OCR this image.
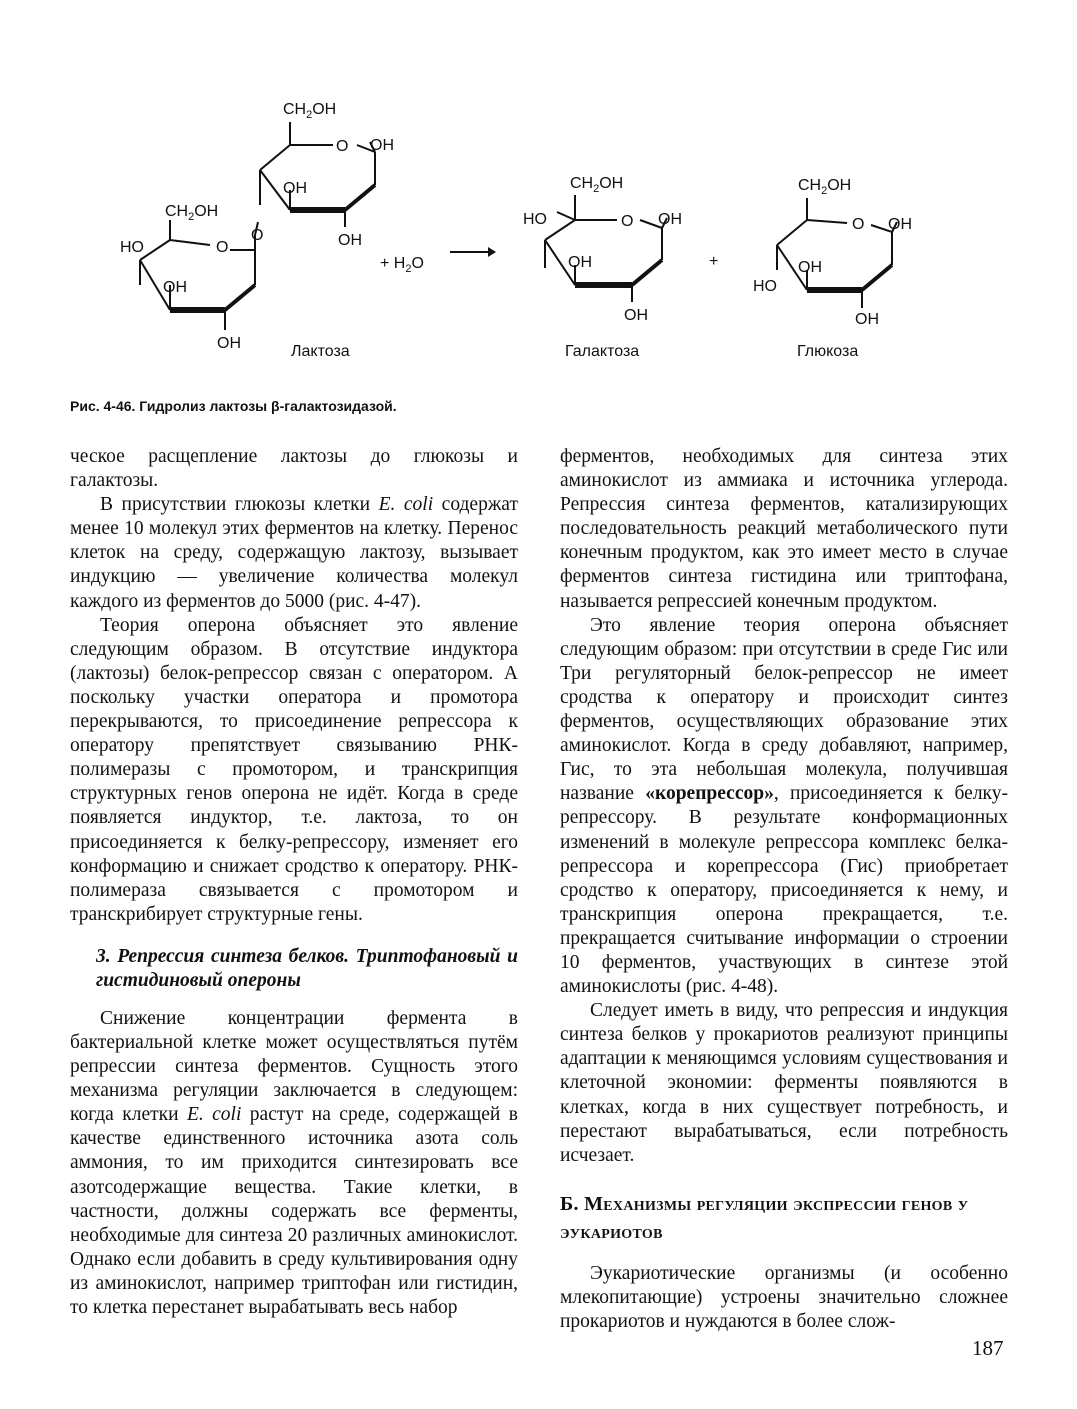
$CH_2OH$
O OH
OH
OH
O
$CH_2OH$
HO	O
OH
OH	Лактоза
+ $H_2O$
$CH_2OH$
HO	O OH
OH
OH
Галактоза
+
$CH_2OH$
O OH
OH
HO
OH
Глюкоза
Рис. 4-46. Гидролиз лактозы β-галактозидазой.

ческое расщепление лактозы до глюкозы и галактозы.

В присутствии глюкозы клетки E. coli содержат менее 10 молекул этих ферментов на клетку. Перенос клеток на среду, содержащую лактозу, вызывает индукцию — увеличение количества молекул каждого из ферментов до 5000 (рис. 4-47).

Теория оперона объясняет это явление следующим образом. В отсутствие индуктора (лактозы) белок-репрессор связан с оператором. А поскольку участки оператора и промотора перекрываются, то присоединение репрессора к оператору препятствует связыванию РНК-полимеразы с промотором, и транскрипция структурных генов оперона не идёт. Когда в среде появляется индуктор, т.е. лактоза, то он присоединяется к белку-репрессору, изменяет его конформацию и снижает сродство к оператору. РНК-полимераза связывается с промотором и транскрибирует структурные гены.

3. Репрессия синтеза белков. Триптофановый и гистидиновый опероны

Снижение концентрации фермента в бактериальной клетке может осуществляться путём репрессии синтеза ферментов. Сущность этого механизма регуляции заключается в следующем: когда клетки E. coli растут на среде, содержащей в качестве единственного источника азота соль аммония, то им приходится синтезировать все азотсодержащие вещества. Такие клетки, в частности, должны содержать все ферменты, необходимые для синтеза 20 различных аминокислот. Однако если добавить в среду культивирования одну из аминокислот, например триптофан или гистидин, то клетка перестанет вырабатывать весь набор

ферментов, необходимых для синтеза этих аминокислот из аммиака и источника углерода. Репрессия синтеза ферментов, катализирующих последовательность реакций метаболического пути конечным продуктом, как это имеет место в случае ферментов синтеза гистидина или триптофана, называется репрессией конечным продуктом.

Это явление теория оперона объясняет следующим образом: при отсутствии в среде Гис или Три регуляторный белок-репрессор не имеет сродства к оператору и происходит синтез ферментов, осуществляющих образование этих аминокислот. Когда в среду добавляют, например, Гис, то эта небольшая молекула, получившая название «корепрессор», присоединяется к белку-репрессору. В результате конформационных изменений в молекуле репрессора комплекс белка-репрессора и корепрессора (Гис) приобретает сродство к оператору, присоединяется к нему, и транскрипция оперона прекращается, т.е. прекращается считывание информации о строении 10 ферментов, участвующих в синтезе этой аминокислоты (рис. 4-48).

Следует иметь в виду, что репрессия и индукция синтеза белков у прокариотов реализуют принципы адаптации к меняющимся условиям существования и клеточной экономии: ферменты появляются в клетках, когда в них существует потребность, и перестают вырабатываться, если потребность исчезает.

Б. Механизмы регуляции экспрессии генов у эукариотов

Эукариотические организмы (и особенно млекопитающие) устроены значительно сложнее прокариотов и нуждаются в более слож-

187
